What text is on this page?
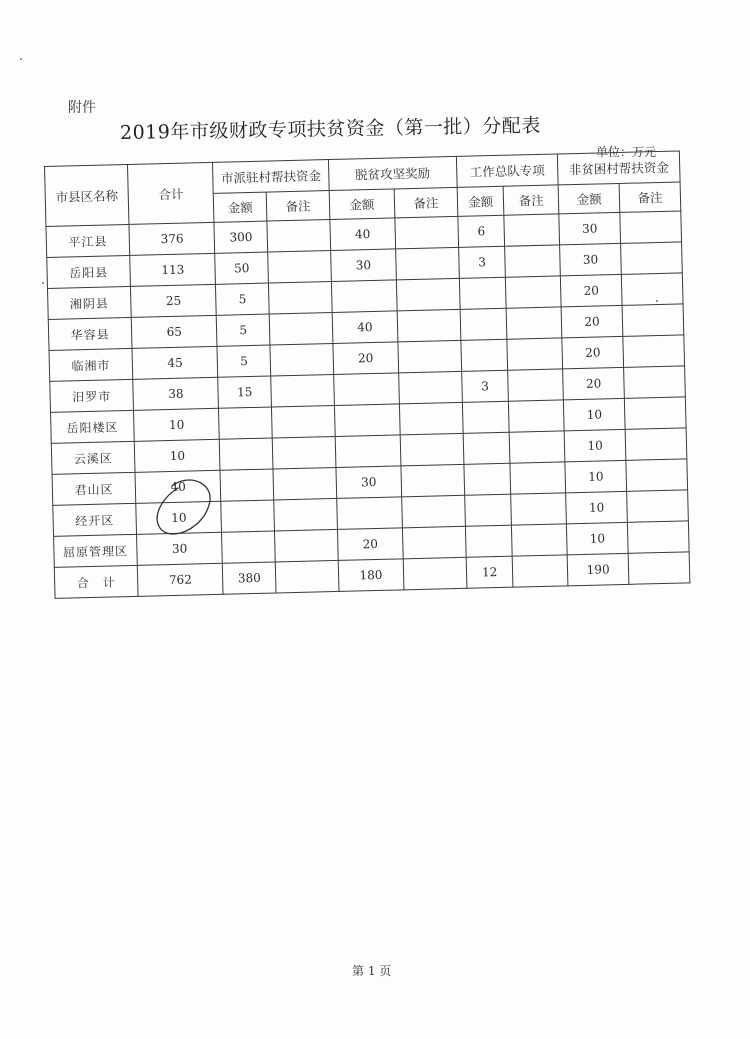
附件
2019年市级财政专项扶贫资金（第一批）分配表
单位：万元
市县区名称	合计	市派驻村帮扶资金		脱贫攻坚奖励		工作总队专项		非贫困村帮扶资金	
		金额	备注	金额	备注	金额	备注	金额	备注
平江县	376	300		40		6		30	
岳阳县	113	50		30		3		30	
湘阴县	25	5						20	
华容县	65	5		40				20	
临湘市	45	5		20				20	
汨罗市	38	15				3		20	
岳阳楼区	10							10	
云溪区	10							10	
君山区	40			30				10	
经开区	10							10	
屈原管理区	30			20				10	
合　计	762	380		180		12		190	
第 1 页
